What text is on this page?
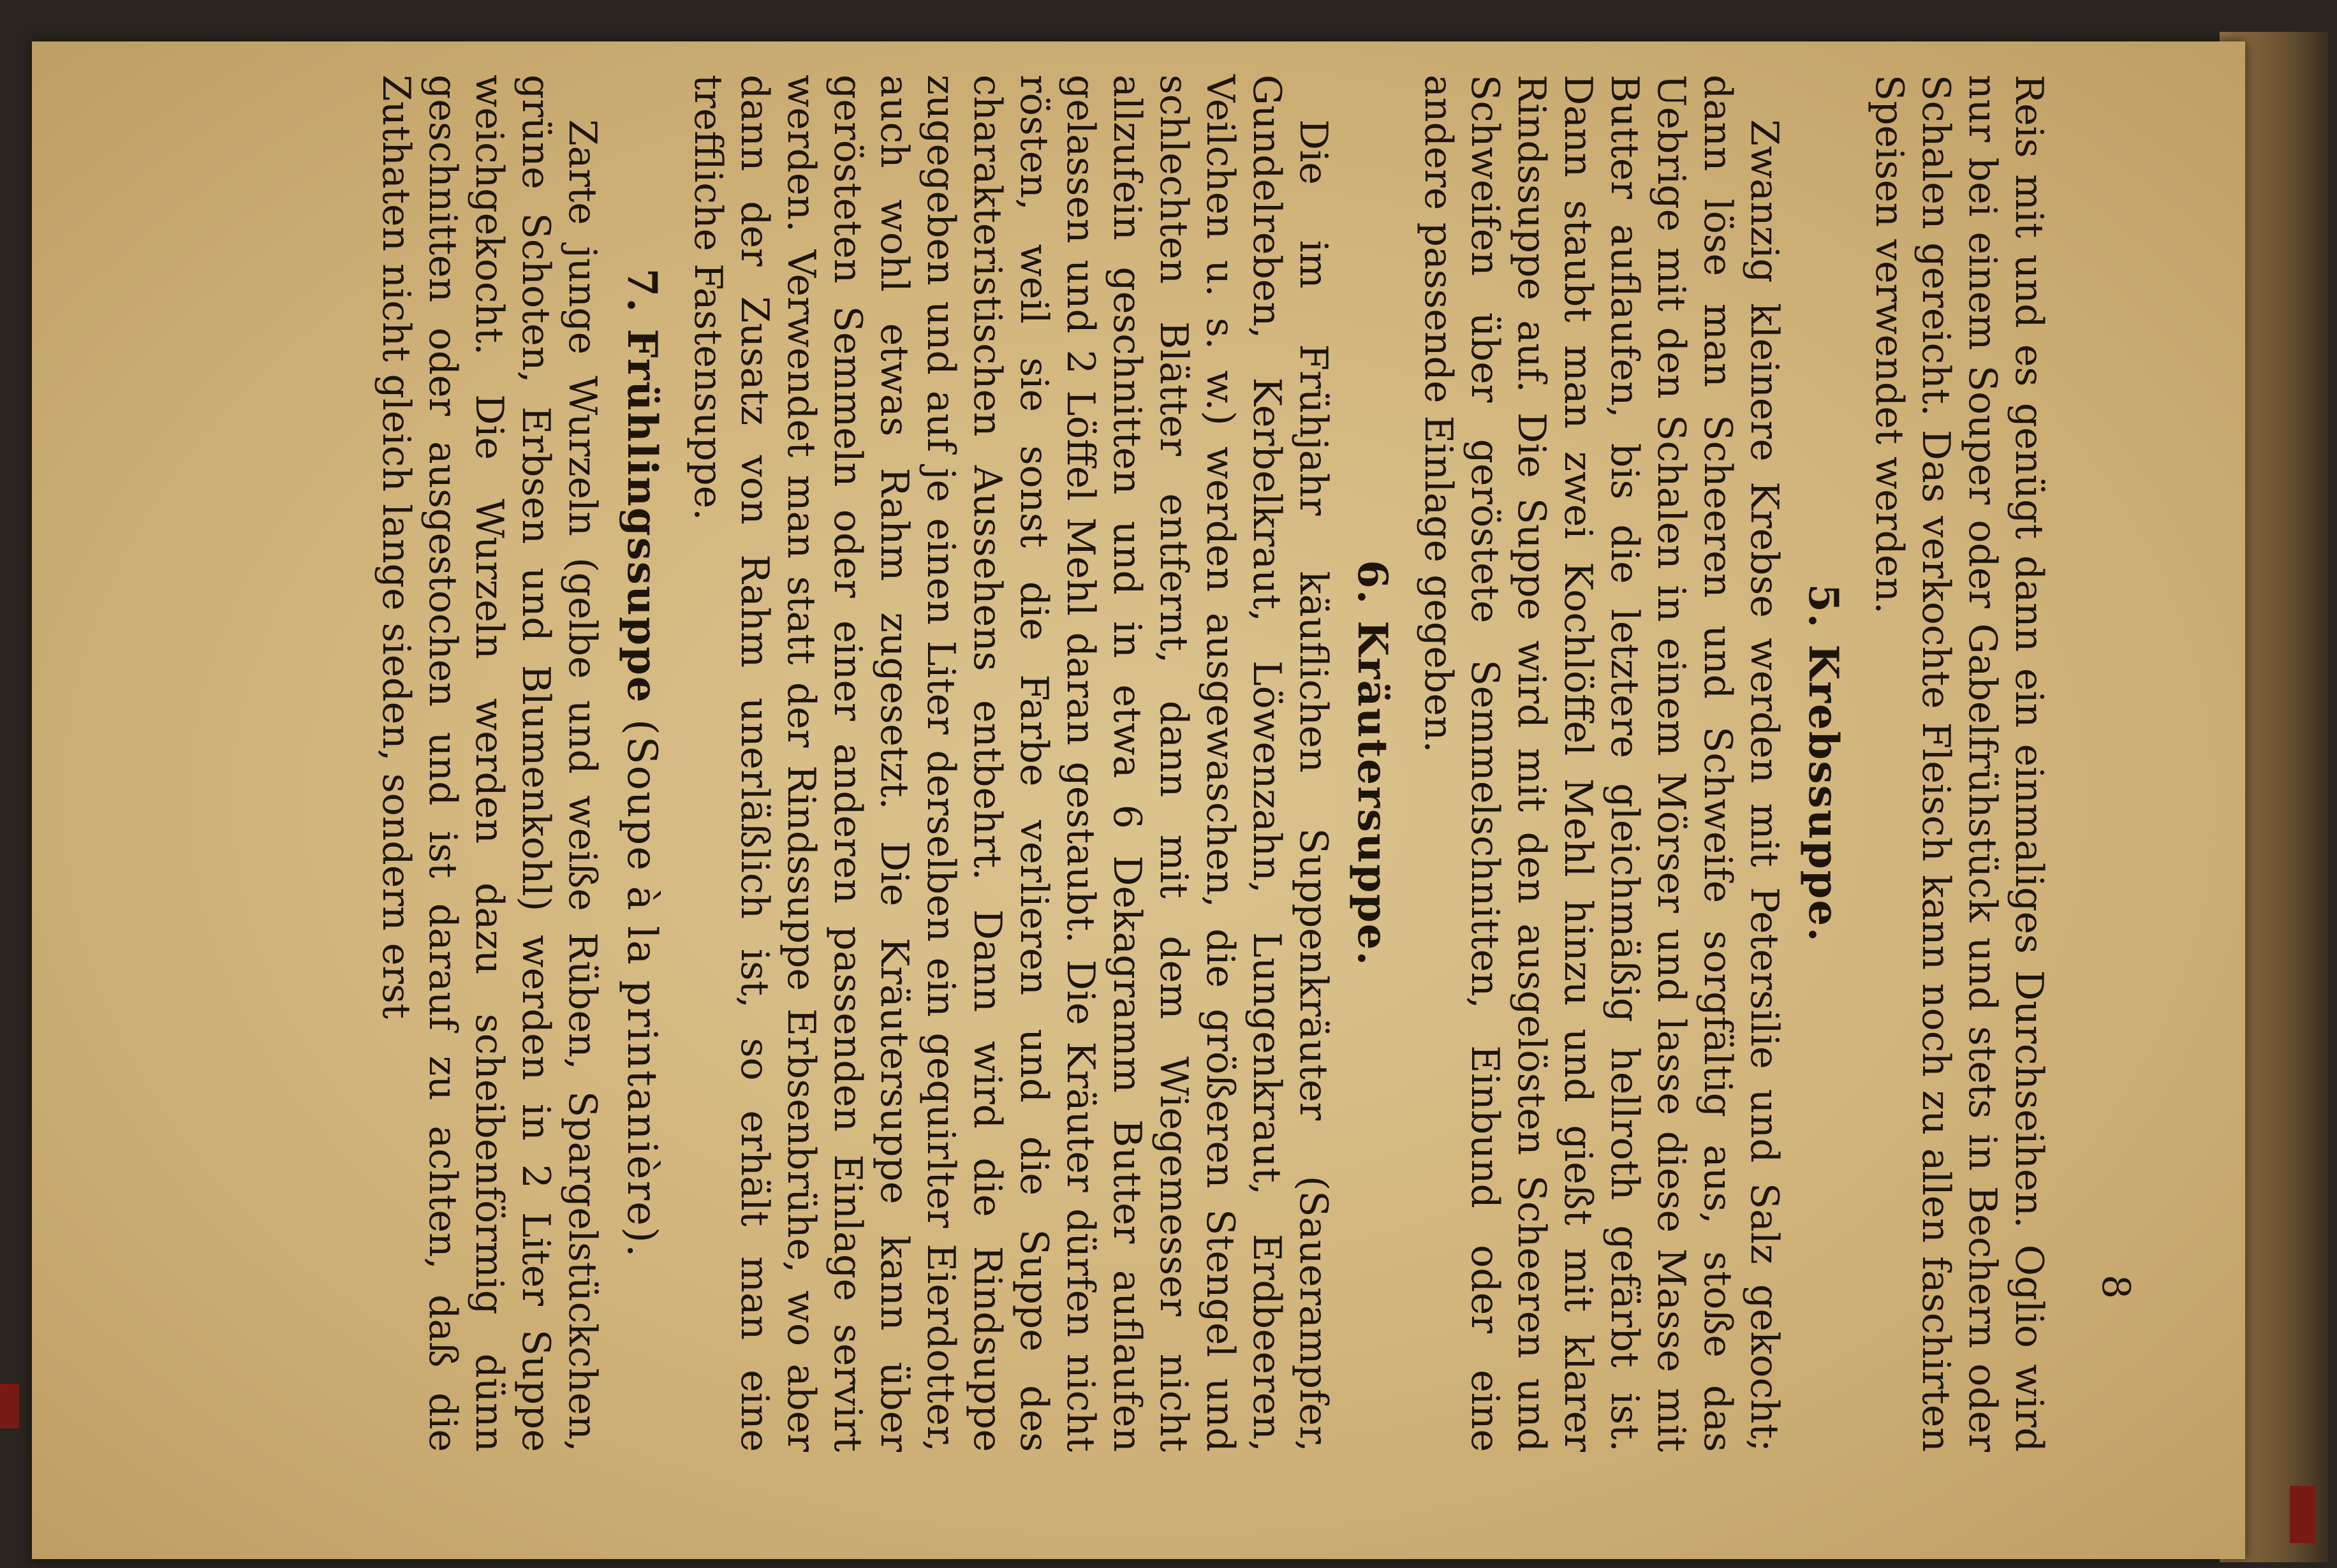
8

Reis mit und es genügt dann ein einmaliges Durchseihen. Oglio wird nur bei einem Souper oder Gabelfrühstück und stets in Bechern oder Schalen gereicht. Das verkochte Fleisch kann noch zu allen faschirten Speisen verwendet werden.

5. Krebssuppe.

Zwanzig kleinere Krebse werden mit Petersilie und Salz gekocht; dann löse man Scheeren und Schweife sorgfältig aus, stoße das Uebrige mit den Schalen in einem Mörser und lasse diese Masse mit Butter auflaufen, bis die letztere gleichmäßig hellroth gefärbt ist. Dann staubt man zwei Kochlöffel Mehl hinzu und gießt mit klarer Rindssuppe auf. Die Suppe wird mit den ausgelösten Scheeren und Schweifen über geröstete Semmelschnitten, Einbund oder eine andere passende Einlage gegeben.

6. Kräutersuppe.

Die im Frühjahr käuflichen Suppenkräuter (Sauerampfer, Gundelreben, Kerbelkraut, Löwenzahn, Lungenkraut, Erdbeeren, Veilchen u. s. w.) werden ausgewaschen, die größeren Stengel und schlechten Blätter entfernt, dann mit dem Wiegemesser nicht allzufein geschnitten und in etwa 6 Dekagramm Butter auflaufen gelassen und 2 Löffel Mehl daran gestaubt. Die Kräuter dürfen nicht rösten, weil sie sonst die Farbe verlieren und die Suppe des charakteristischen Aussehens entbehrt. Dann wird die Rindsuppe zugegeben und auf je einen Liter derselben ein gequirlter Eierdotter, auch wohl etwas Rahm zugesetzt. Die Kräutersuppe kann über gerösteten Semmeln oder einer anderen passenden Einlage servirt werden. Verwendet man statt der Rindssuppe Erbsenbrühe, wo aber dann der Zusatz von Rahm unerläßlich ist, so erhält man eine treffliche Fastensuppe.

7. Frühlingssuppe (Soupe à la printanière).

Zarte junge Wurzeln (gelbe und weiße Rüben, Spargelstückchen, grüne Schoten, Erbsen und Blumenkohl) werden in 2 Liter Suppe weichgekocht. Die Wurzeln werden dazu scheibenförmig dünn geschnitten oder ausgestochen und ist darauf zu achten, daß die Zuthaten nicht gleich lange sieden, sondern erst
